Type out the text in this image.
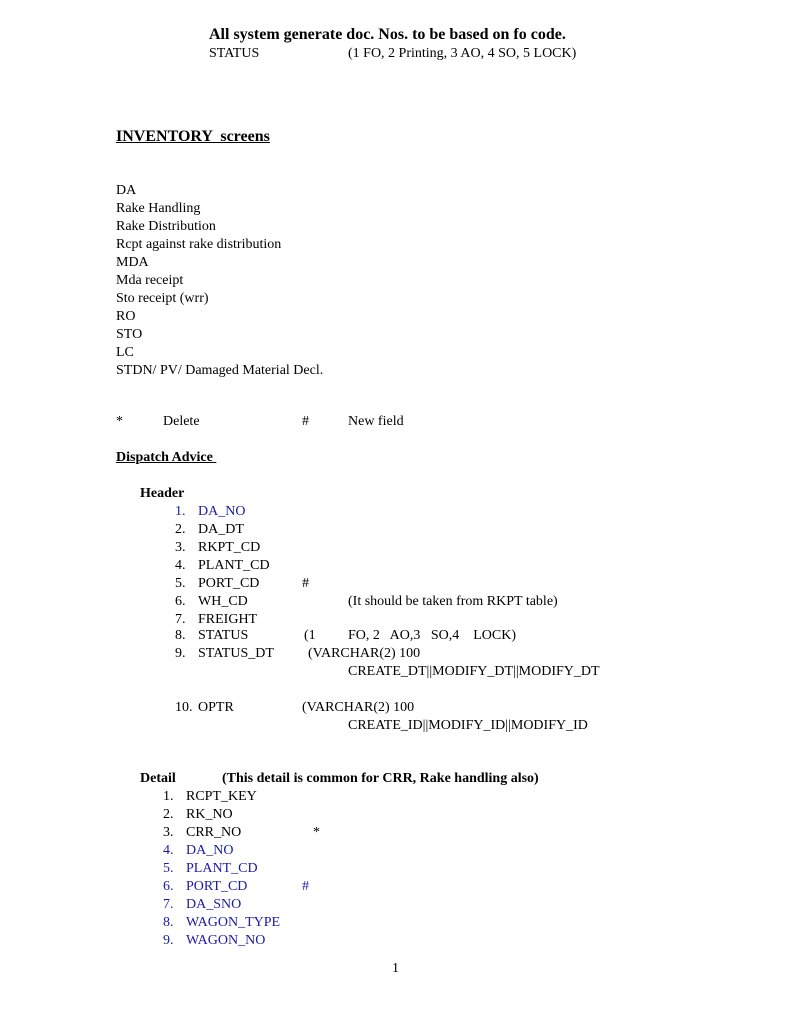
All system generate doc. Nos. to be based on fo code.
STATUS	(1 FO, 2 Printing, 3 AO, 4 SO, 5 LOCK)
INVENTORY  screens
DA
Rake Handling
Rake Distribution
Rcpt against rake distribution
MDA
Mda receipt
Sto receipt (wrr)
RO
STO
LC
STDN/ PV/ Damaged Material Decl.
*	Delete	#	New field
Dispatch Advice
Header
1. DA_NO
2. DA_DT
3. RKPT_CD
4. PLANT_CD
5. PORT_CD	#
6. WH_CD	(It should be taken from RKPT table)
7. FREIGHT
8. STATUS	(1 FO, 2   AO,3   SO,4    LOCK)
9. STATUS_DT (VARCHAR(2) 100
CREATE_DT||MODIFY_DT||MODIFY_DT
10. OPTR	(VARCHAR(2) 100
CREATE_ID||MODIFY_ID||MODIFY_ID
Detail	(This detail is common for CRR, Rake handling also)
1. RCPT_KEY
2. RK_NO
3. CRR_NO	*
4. DA_NO
5. PLANT_CD
6. PORT_CD	#
7. DA_SNO
8. WAGON_TYPE
9. WAGON_NO
1
